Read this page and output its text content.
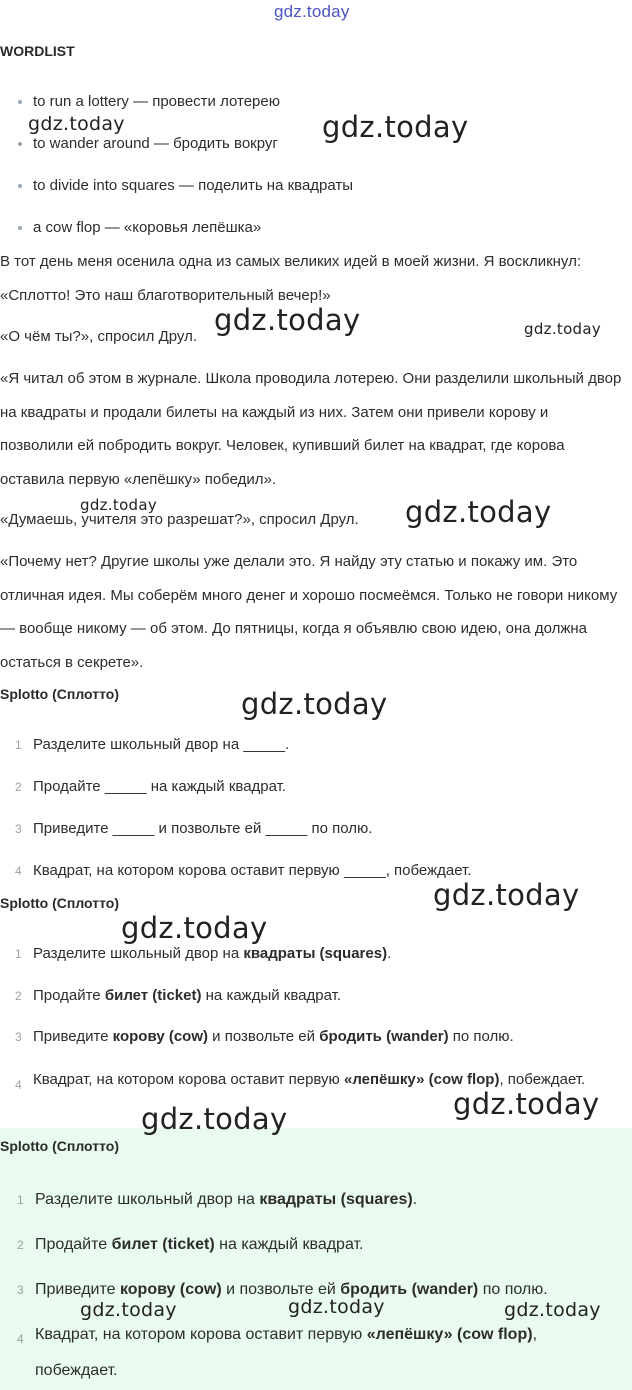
gdz.today
WORDLIST
to run a lottery — провести лотерею
to wander around — бродить вокруг
to divide into squares — поделить на квадраты
a cow flop — «коровья лепёшка»

В тот день меня осенила одна из самых великих идей в моей жизни. Я воскликнул: «Сплотто! Это наш благотворительный вечер!»

«О чём ты?», спросил Друл.

«Я читал об этом в журнале. Школа проводила лотерею. Они разделили школьный двор на квадраты и продали билеты на каждый из них. Затем они привели корову и позволили ей побродить вокруг. Человек, купивший билет на квадрат, где корова оставила первую «лепёшку» победил».

«Думаешь, учителя это разрешат?», спросил Друл.

«Почему нет? Другие школы уже делали это. Я найду эту статью и покажу им. Это отличная идея. Мы соберём много денег и хорошо посмеёмся. Только не говори никому — вообще никому — об этом. До пятницы, когда я объявлю свою идею, она должна остаться в секрете».

Splotto (Сплотто)
1 Разделите школьный двор на _____.
2 Продайте _____ на каждый квадрат.
3 Приведите _____ и позвольте ей _____ по полю.
4 Квадрат, на котором корова оставит первую _____, побеждает.
Splotto (Сплотто)
1 Разделите школьный двор на квадраты (squares).
2 Продайте билет (ticket) на каждый квадрат.
3 Приведите корову (cow) и позвольте ей бродить (wander) по полю.
4 Квадрат, на котором корова оставит первую «лепёшку» (cow flop), побеждает.
Splotto (Сплотто)
1 Разделите школьный двор на квадраты (squares).
2 Продайте билет (ticket) на каждый квадрат.
3 Приведите корову (cow) и позвольте ей бродить (wander) по полю.
4 Квадрат, на котором корова оставит первую «лепёшку» (cow flop), побеждает.
gdz.today	gdz.today
gdz.today	gdz.today
gdz.today	gdz.today
gdz.today
gdz.today
gdz.today
gdz.today
gdz.today
gdz.today	gdz.today	gdz.today
